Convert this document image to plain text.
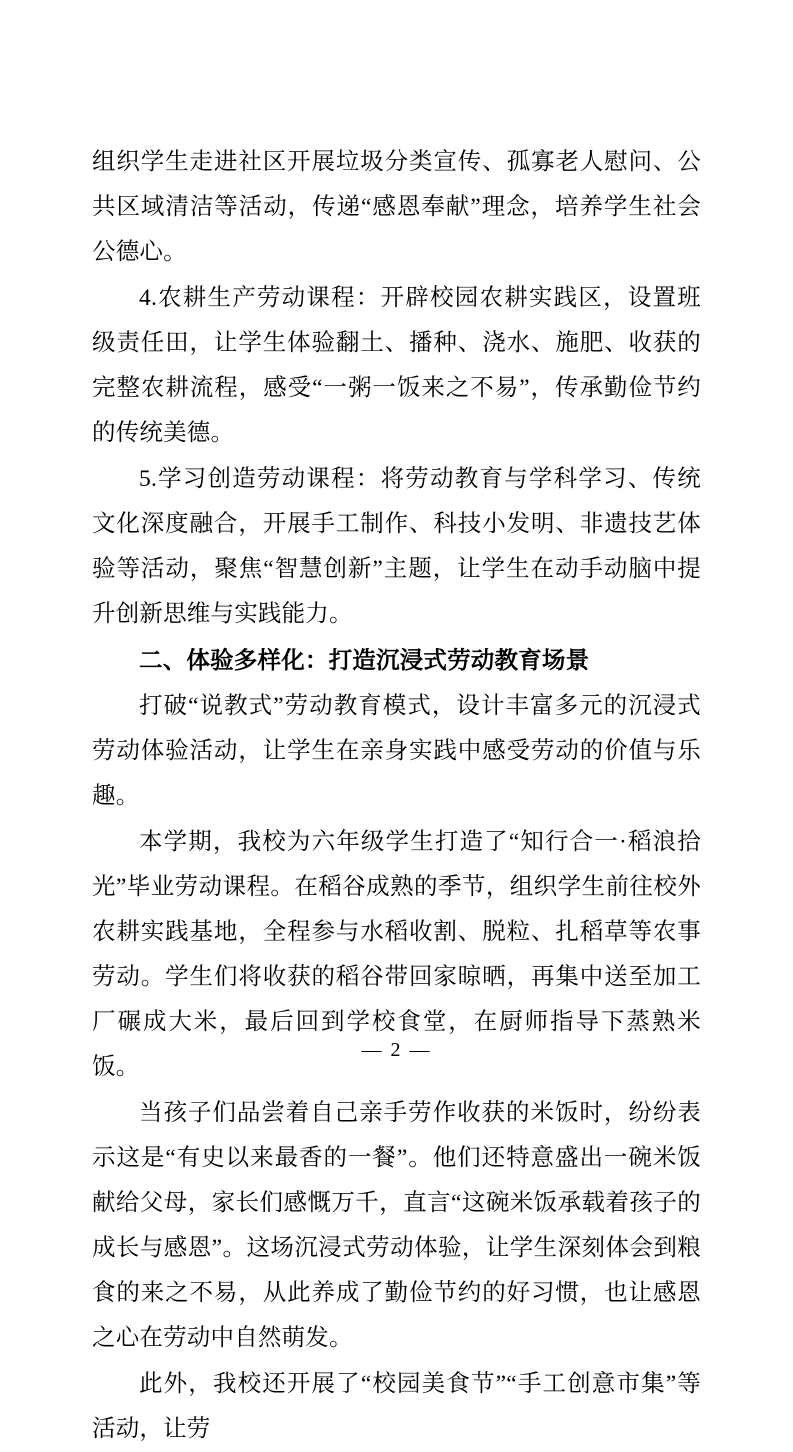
组织学生走进社区开展垃圾分类宣传、孤寡老人慰问、公共区域清洁等活动，传递“感恩奉献”理念，培养学生社会公德心。

4.农耕生产劳动课程：开辟校园农耕实践区，设置班级责任田，让学生体验翻土、播种、浇水、施肥、收获的完整农耕流程，感受“一粥一饭来之不易”，传承勤俭节约的传统美德。

5.学习创造劳动课程：将劳动教育与学科学习、传统文化深度融合，开展手工制作、科技小发明、非遗技艺体验等活动，聚焦“智慧创新”主题，让学生在动手动脑中提升创新思维与实践能力。

二、体验多样化：打造沉浸式劳动教育场景

打破“说教式”劳动教育模式，设计丰富多元的沉浸式劳动体验活动，让学生在亲身实践中感受劳动的价值与乐趣。

本学期，我校为六年级学生打造了“知行合一·稻浪拾光”毕业劳动课程。在稻谷成熟的季节，组织学生前往校外农耕实践基地，全程参与水稻收割、脱粒、扎稻草等农事劳动。学生们将收获的稻谷带回家晾晒，再集中送至加工厂碾成大米，最后回到学校食堂，在厨师指导下蒸熟米饭。

当孩子们品尝着自己亲手劳作收获的米饭时，纷纷表示这是“有史以来最香的一餐”。他们还特意盛出一碗米饭献给父母，家长们感慨万千，直言“这碗米饭承载着孩子的成长与感恩”。这场沉浸式劳动体验，让学生深刻体会到粮食的来之不易，从此养成了勤俭节约的好习惯，也让感恩之心在劳动中自然萌发。

此外，我校还开展了“校园美食节”“手工创意市集”等活动，让劳

— 2 —
